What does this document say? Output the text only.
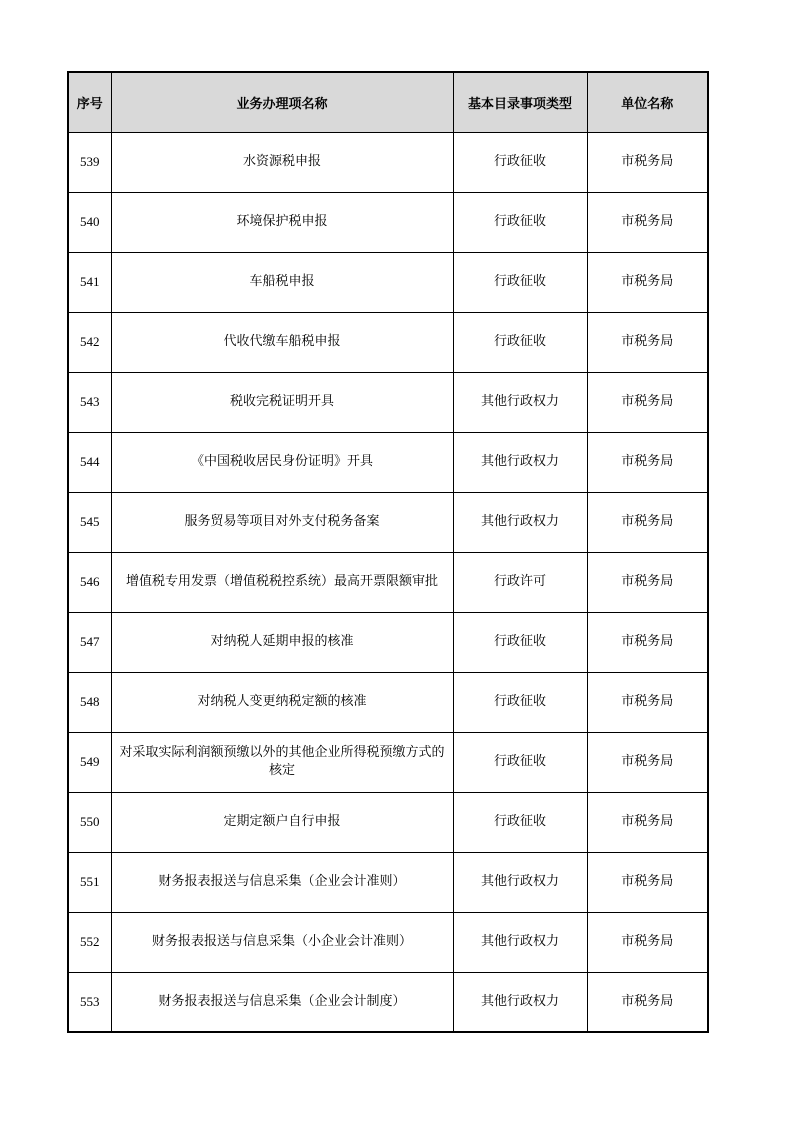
序号	业务办理项名称	基本目录事项类型	单位名称
539	水资源税申报	行政征收	市税务局
540	环境保护税申报	行政征收	市税务局
541	车船税申报	行政征收	市税务局
542	代收代缴车船税申报	行政征收	市税务局
543	税收完税证明开具	其他行政权力	市税务局
544	《中国税收居民身份证明》开具	其他行政权力	市税务局
545	服务贸易等项目对外支付税务备案	其他行政权力	市税务局
546	增值税专用发票（增值税税控系统）最高开票限额审批	行政许可	市税务局
547	对纳税人延期申报的核准	行政征收	市税务局
548	对纳税人变更纳税定额的核准	行政征收	市税务局
549	对采取实际利润额预缴以外的其他企业所得税预缴方式的核定	行政征收	市税务局
550	定期定额户自行申报	行政征收	市税务局
551	财务报表报送与信息采集（企业会计准则）	其他行政权力	市税务局
552	财务报表报送与信息采集（小企业会计准则）	其他行政权力	市税务局
553	财务报表报送与信息采集（企业会计制度）	其他行政权力	市税务局
